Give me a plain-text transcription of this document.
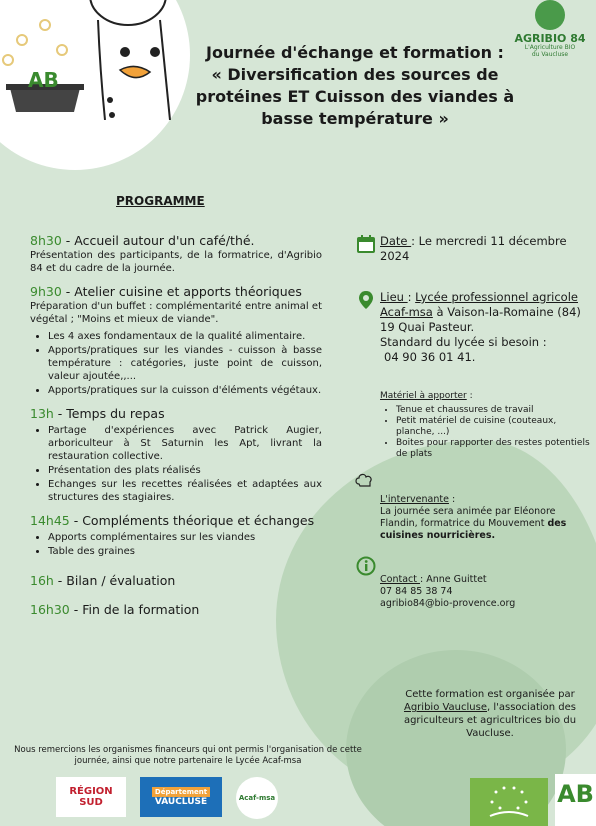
AB
AGRIBIO 84
L'Agriculture BIO
du Vaucluse
Journée d'échange et formation :
« Diversification des sources de
protéines ET Cuisson des viandes à
basse température »
PROGRAMME
8h30 - Accueil autour d'un café/thé.

Présentation des participants, de la formatrice, d'Agribio 84 et du cadre de la journée.

9h30 - Atelier cuisine et apports théoriques

Préparation d'un buffet : complémentarité entre animal et végétal ; "Moins et mieux de viande".

• Les 4 axes fondamentaux de la qualité alimentaire.
• Apports/pratiques sur les viandes - cuisson à basse température : catégories, juste point de cuisson, valeur ajoutée,,...
• Apports/pratiques sur la cuisson d'éléments végétaux.
13h - Temps du repas
• Partage d'expériences avec Patrick Augier, arboriculteur à St Saturnin les Apt, livrant la restauration collective.
• Présentation des plats réalisés
• Echanges sur les recettes réalisées et adaptées aux structures des stagiaires.
14h45 - Compléments théorique et échanges
• Apports complémentaires sur les viandes
• Table des graines
16h - Bilan / évaluation
16h30 - Fin de la formation
Date : Le mercredi 11 décembre 2024
Lieu : Lycée professionnel agricole Acaf-msa à Vaison-la-Romaine (84)
19 Quai Pasteur.
Standard du lycée si besoin :
04 90 36 01 41.
Matériel à apporter :
• Tenue et chaussures de travail
• Petit matériel de cuisine (couteaux, planche, ...)
• Boites pour rapporter des restes potentiels de plats
L'intervenante :
La journée sera animée par Eléonore Flandin, formatrice du Mouvement des cuisines nourricières.
Contact : Anne Guittet
07 84 85 38 74
agribio84@bio-provence.org
Cette formation est organisée par Agribio Vaucluse, l'association des agriculteurs et agricultrices bio du Vaucluse.
Nous remercions les organismes financeurs qui ont permis l'organisation de cette journée, ainsi que notre partenaire le Lycée Acaf-msa
RÉGION
SUD
Département
VAUCLUSE	Acaf-msa	AB
